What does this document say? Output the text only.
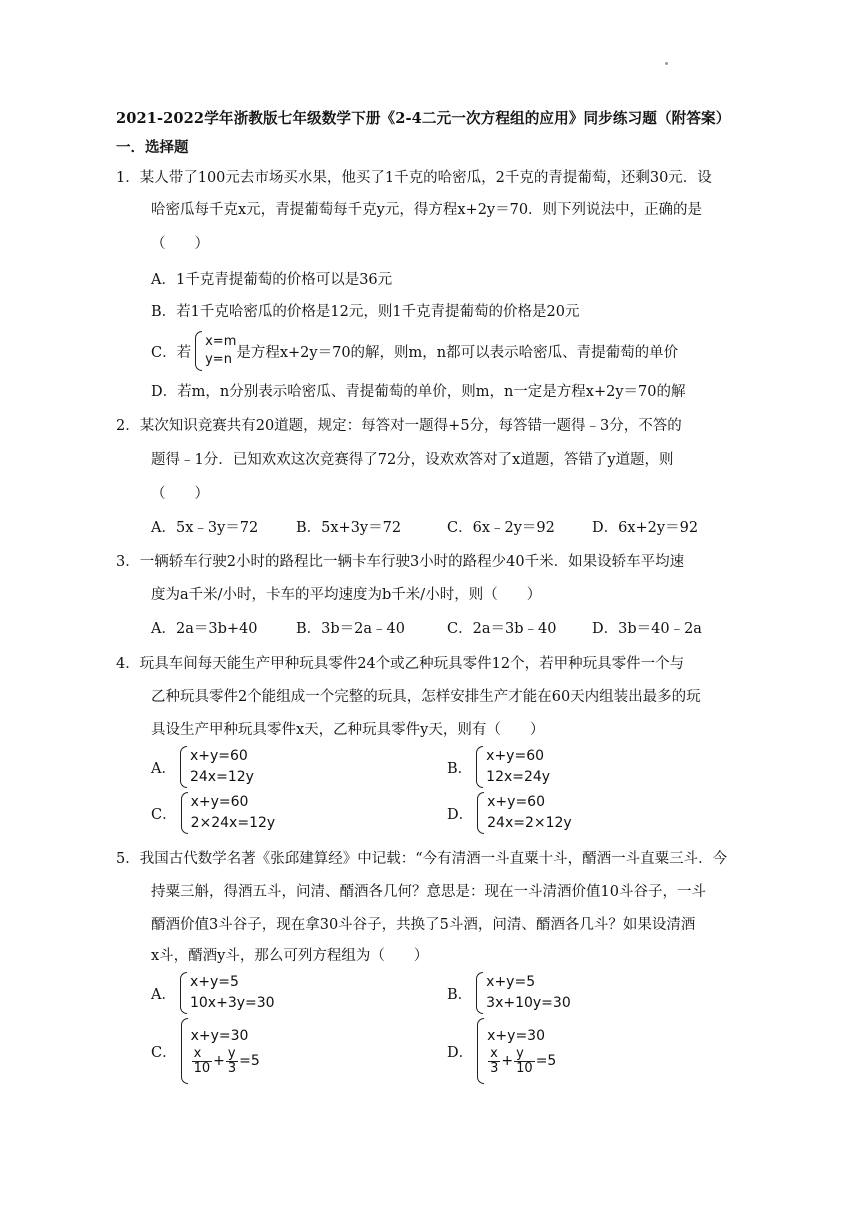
2021-2022学年浙教版七年级数学下册《2-4二元一次方程组的应用》同步练习题（附答案）
一．选择题
1．某人带了100元去市场买水果，他买了1千克的哈密瓜，2千克的青提葡萄，还剩30元．设
哈密瓜每千克x元，青提葡萄每千克y元，得方程x+2y＝70．则下列说法中，正确的是
（　　）
A．1千克青提葡萄的价格可以是36元
B．若1千克哈密瓜的价格是12元，则1千克青提葡萄的价格是20元
C．若
x=m
y=n 是方程x+2y＝70的解，则m，n都可以表示哈密瓜、青提葡萄的单价
D．若m，n分别表示哈密瓜、青提葡萄的单价，则m，n一定是方程x+2y＝70的解
2．某次知识竞赛共有20道题，规定：每答对一题得+5分，每答错一题得﹣3分，不答的
题得﹣1分．已知欢欢这次竞赛得了72分，设欢欢答对了x道题，答错了y道题，则
（　　）
A．5x﹣3y＝72	B．5x+3y＝72	C．6x﹣2y＝92	D．6x+2y＝92
3．一辆轿车行驶2小时的路程比一辆卡车行驶3小时的路程少40千米．如果设轿车平均速
度为a千米/小时，卡车的平均速度为b千米/小时，则（　　）
A．2a＝3b+40	B．3b＝2a﹣40	C．2a＝3b﹣40 D．3b＝40﹣2a
4．玩具车间每天能生产甲种玩具零件24个或乙种玩具零件12个，若甲种玩具零件一个与
乙种玩具零件2个能组成一个完整的玩具，怎样安排生产才能在60天内组装出最多的玩
具设生产甲种玩具零件x天，乙种玩具零件y天，则有（　　）
A．
x+y=60
24x=12y
B．
x+y=60
12x=24y
C．
x+y=60
2×24x=12y
D．
x+y=60
24x=2×12y
5．我国古代数学名著《张邱建算经》中记载：“今有清酒一斗直粟十斗，醑酒一斗直粟三斗．今
持粟三斛，得酒五斗，问清、醑酒各几何？意思是：现在一斗清酒价值10斗谷子，一斗
醑酒价值3斗谷子，现在拿30斗谷子，共换了5斗酒，问清、醑酒各几斗？如果设清酒
x斗，醑酒y斗，那么可列方程组为（　　）
A．
x+y=5
10x+3y=30
B．
x+y=5
3x+10y=30
C．
x+y=30
$\frac{x}{10} + \frac{y}{3} =5$
D．
x+y=30
$\frac{x}{3} + \frac{y}{10} =5$
